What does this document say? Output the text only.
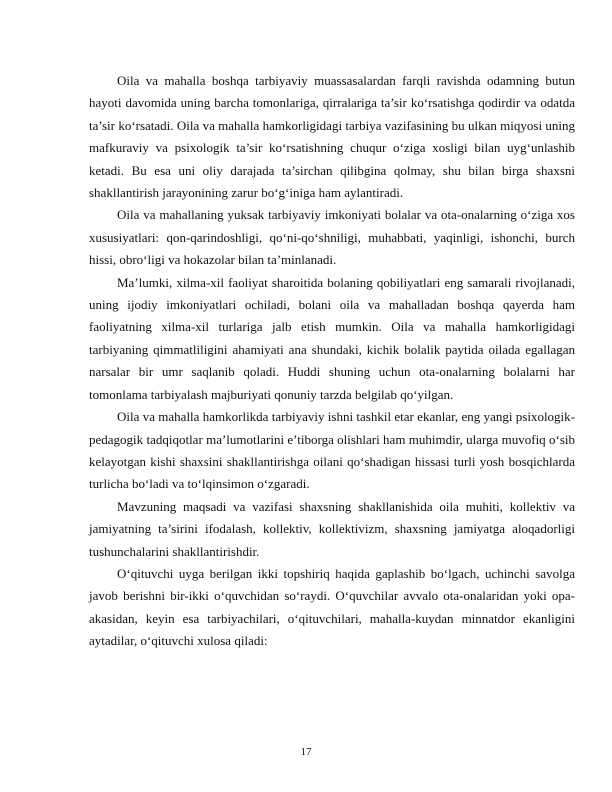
Oila va mahalla boshqa tarbiyaviy muassasalardan farqli ravishda odamning butun hayoti davomida uning barcha tomonlariga, qirralariga ta’sir ko‘rsatishga qodirdir va odatda ta’sir ko‘rsatadi. Oila va mahalla hamkorligidagi tarbiya vazifasining bu ulkan miqyosi uning mafkuraviy va psixologik ta’sir ko‘rsatishning chuqur o‘ziga xosligi bilan uyg‘unlashib ketadi. Bu esa uni oliy darajada ta’sirchan qilibgina qolmay, shu bilan birga shaxsni shakllantirish jarayonining zarur bo‘g‘iniga ham aylantiradi.

Oila va mahallaning yuksak tarbiyaviy imkoniyati bolalar va ota-onalarning o‘ziga xos xususiyatlari: qon-qarindoshligi, qo‘ni-qo‘shniligi, muhabbati, yaqinligi, ishonchi, burch hissi, obro‘ligi va hokazolar bilan ta’minlanadi.

Ma’lumki, xilma-xil faoliyat sharoitida bolaning qobiliyatlari eng samarali rivojlanadi, uning ijodiy imkoniyatlari ochiladi, bolani oila va mahalladan boshqa qayerda ham faoliyatning xilma-xil turlariga jalb etish mumkin. Oila va mahalla hamkorligidagi tarbiyaning qimmatliligini ahamiyati ana shundaki, kichik bolalik paytida oilada egallagan narsalar bir umr saqlanib qoladi. Huddi shuning uchun ota-onalarning bolalarni har tomonlama tarbiyalash majburiyati qonuniy tarzda belgilab qo‘yilgan.

Oila va mahalla hamkorlikda tarbiyaviy ishni tashkil etar ekanlar, eng yangi psixologik-pedagogik tadqiqotlar ma’lumotlarini e’tiborga olishlari ham muhimdir, ularga muvofiq o‘sib kelayotgan kishi shaxsini shakllantirishga oilani qo‘shadigan hissasi turli yosh bosqichlarda turlicha bo‘ladi va to‘lqinsimon o‘zgaradi.

Mavzuning maqsadi va vazifasi shaxsning shakllanishida oila muhiti, kollektiv va jamiyatning ta’sirini ifodalash, kollektiv, kollektivizm, shaxsning jamiyatga aloqadorligi tushunchalarini shakllantirishdir.

O‘qituvchi uyga berilgan ikki topshiriq haqida gaplashib bo‘lgach, uchinchi savolga javob berishni bir-ikki o‘quvchidan so‘raydi. O‘quvchilar avvalo ota-onalaridan yoki opa-akasidan, keyin esa tarbiyachilari, o‘qituvchilari, mahalla-kuydan minnatdor ekanligini aytadilar, o‘qituvchi xulosa qiladi:

17
